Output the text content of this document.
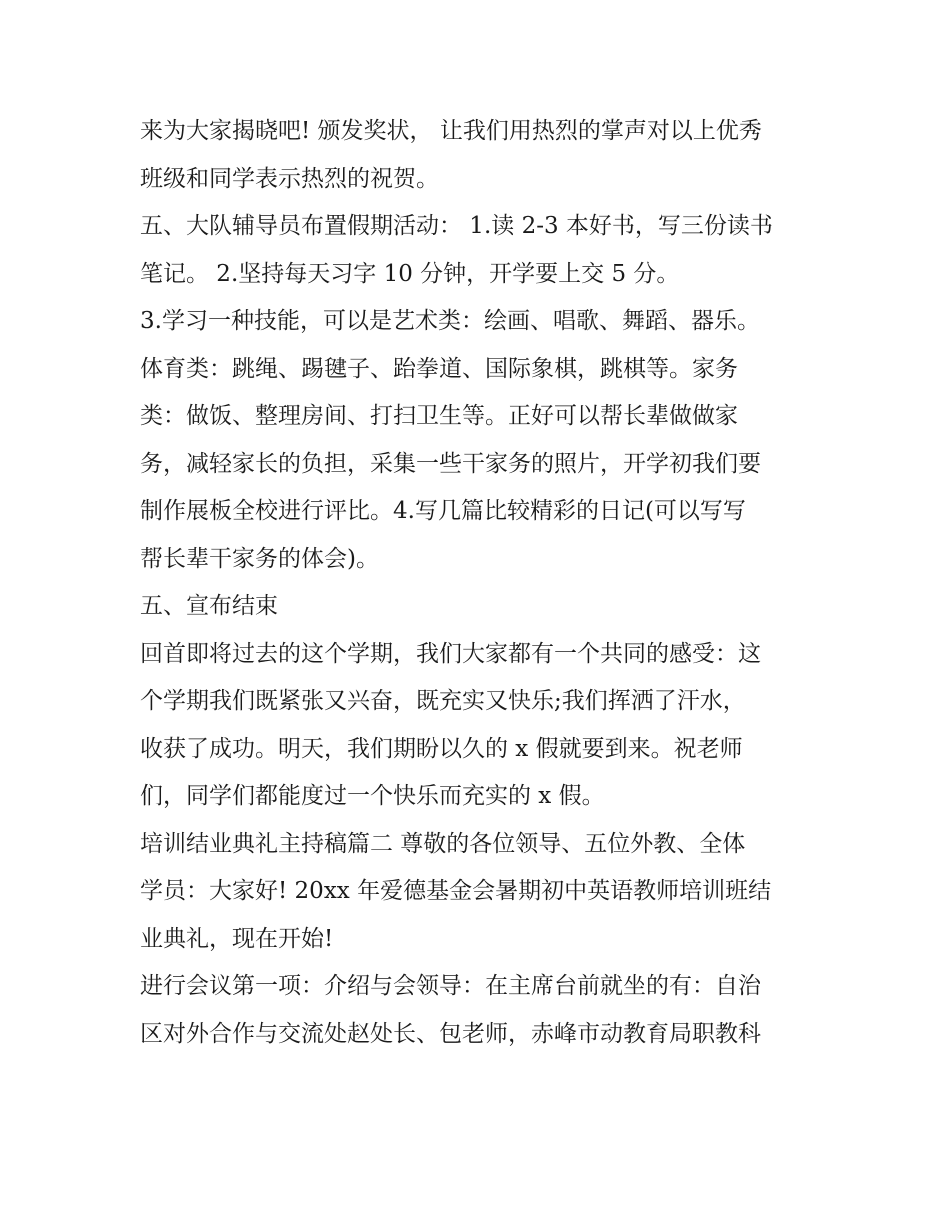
来为大家揭晓吧! 颁发奖状， 让我们用热烈的掌声对以上优秀
班级和同学表示热烈的祝贺。
五、大队辅导员布置假期活动： 1.读 2-3 本好书，写三份读书
笔记。 2.坚持每天习字 10 分钟，开学要上交 5 分。
3.学习一种技能，可以是艺术类：绘画、唱歌、舞蹈、器乐。
体育类：跳绳、踢毽子、跆拳道、国际象棋，跳棋等。家务
类：做饭、整理房间、打扫卫生等。正好可以帮长辈做做家
务，减轻家长的负担，采集一些干家务的照片，开学初我们要
制作展板全校进行评比。4.写几篇比较精彩的日记(可以写写
帮长辈干家务的体会)。
五、宣布结束
回首即将过去的这个学期，我们大家都有一个共同的感受：这
个学期我们既紧张又兴奋，既充实又快乐;我们挥洒了汗水，
收获了成功。明天，我们期盼以久的 x 假就要到来。祝老师
们，同学们都能度过一个快乐而充实的 x 假。
培训结业典礼主持稿篇二 尊敬的各位领导、五位外教、全体
学员：大家好! 20xx 年爱德基金会暑期初中英语教师培训班结
业典礼，现在开始!
进行会议第一项：介绍与会领导：在主席台前就坐的有：自治
区对外合作与交流处赵处长、包老师，赤峰市动教育局职教科
